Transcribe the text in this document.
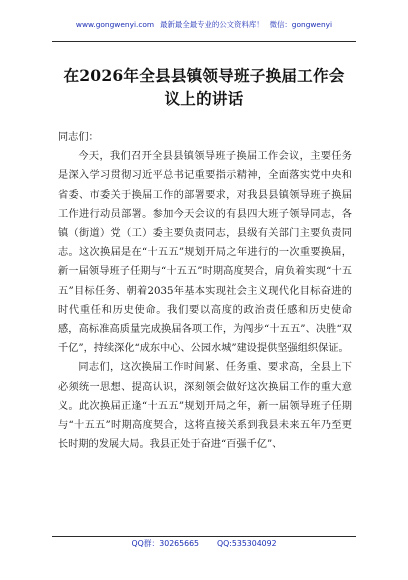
www.gongwenyi.com 最新最全最专业的公文资料库！ 微信：gongwenyi
在2026年全县县镇领导班子换届工作会
议上的讲话

同志们：

今天，我们召开全县县镇领导班子换届工作会议，主要任务是深入学习贯彻习近平总书记重要指示精神，全面落实党中央和省委、市委关于换届工作的部署要求，对我县县镇领导班子换届工作进行动员部署。参加今天会议的有县四大班子领导同志，各镇（街道）党（工）委主要负责同志，县级有关部门主要负责同志。这次换届是在“十五五”规划开局之年进行的一次重要换届，新一届领导班子任期与“十五五”时期高度契合，肩负着实现“十五五”目标任务、朝着2035年基本实现社会主义现代化目标奋进的时代重任和历史使命。我们要以高度的政治责任感和历史使命感，高标准高质量完成换届各项工作，为闯步“十五五”、决胜“双千亿”，持续深化“成东中心、公园水城”建设提供坚强组织保证。

同志们，这次换届工作时间紧、任务重、要求高，全县上下必须统一思想、提高认识，深刻领会做好这次换届工作的重大意义。此次换届正逢“十五五”规划开局之年，新一届领导班子任期与“十五五”时期高度契合，这将直接关系到我县未来五年乃至更长时期的发展大局。我县正处于奋进“百强千亿”、

QQ群：30265665 QQ:535304092
